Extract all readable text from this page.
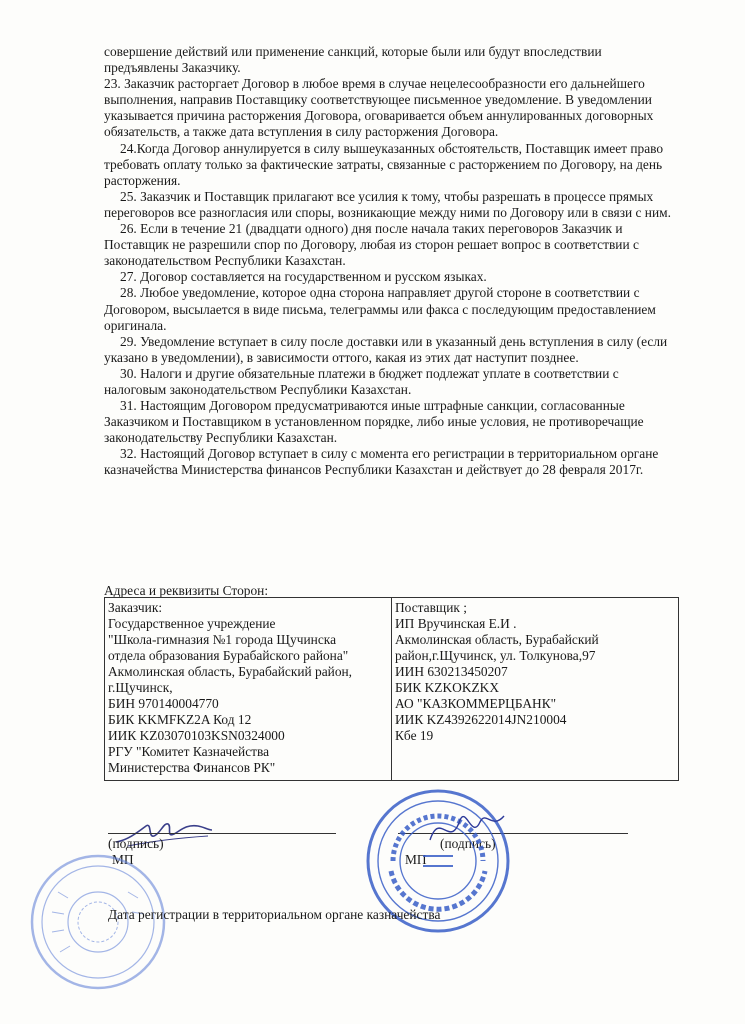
совершение действий или применение санкций, которые были или будут впоследствии предъявлены Заказчику.

23. Заказчик расторгает Договор в любое время в случае нецелесообразности его дальнейшего выполнения, направив Поставщику соответствующее письменное уведомление. В уведомлении указывается причина расторжения Договора, оговаривается объем аннулированных договорных обязательств, а также дата вступления в силу расторжения Договора.

24.Когда Договор аннулируется в силу вышеуказанных обстоятельств, Поставщик имеет право требовать оплату только за фактические затраты, связанные с расторжением по Договору, на день расторжения.

25. Заказчик и Поставщик прилагают все усилия к тому, чтобы разрешать в процессе прямых переговоров все разногласия или споры, возникающие между ними по Договору или в связи с ним.

26. Если в течение 21 (двадцати одного) дня после начала таких переговоров Заказчик и Поставщик не разрешили спор по Договору, любая из сторон решает вопрос в соответствии с законодательством Республики Казахстан.

27. Договор составляется на государственном и русском языках.

28. Любое уведомление, которое одна сторона направляет другой стороне в соответствии с Договором, высылается в виде письма, телеграммы или факса с последующим предоставлением оригинала.

29. Уведомление вступает в силу после доставки или в указанный день вступления в силу (если указано в уведомлении), в зависимости оттого, какая из этих дат наступит позднее.

30. Налоги и другие обязательные платежи в бюджет подлежат уплате в соответствии с налоговым законодательством Республики Казахстан.

31. Настоящим Договором предусматриваются иные штрафные санкции, согласованные Заказчиком и Поставщиком в установленном порядке, либо иные условия, не противоречащие законодательству Республики Казахстан.

32. Настоящий Договор вступает в силу с момента его регистрации в территориальном органе казначейства Министерства финансов Республики Казахстан и действует до 28 февраля 2017г.

Адреса и реквизиты Сторон:
Заказчик:
Государственное учреждение
"Школа-гимназия №1 города Щучинска
отдела образования Бурабайского района"
Акмолинская область, Бурабайский район,
г.Щучинск,
БИН 970140004770
БИК KKMFKZ2A Код 12
ИИК KZ03070103KSN0324000
РГУ "Комитет Казначейства
Министерства Финансов РК"

Поставщик ;
ИП Вручинская Е.И .
Акмолинская область, Бурабайский
район,г.Щучинск, ул. Толкунова,97
ИИН 630213450207
БИК KZKOKZKX
АО "КАЗКОММЕРЦБАНК"
ИИК KZ4392622014JN210004
Кбе 19
(подпись)
МП
(подпись)
МП
Дата регистрации в территориальном органе казначейства
